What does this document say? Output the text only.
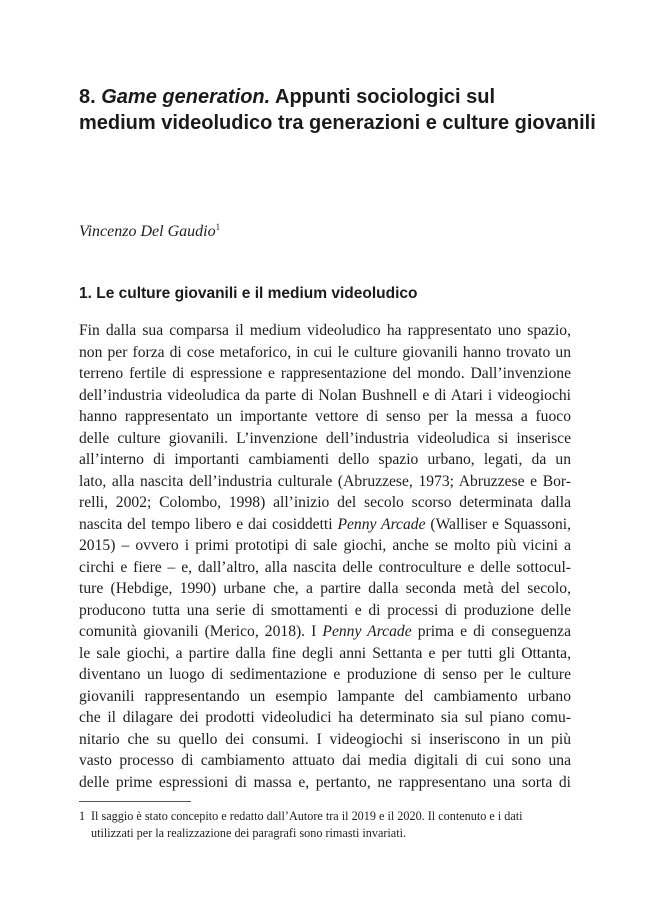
8. Game generation. Appunti sociologici sul
medium videoludico tra generazioni e culture giovanili

Vincenzo Del Gaudio$^1$

1. Le culture giovanili e il medium videoludico
Fin dalla sua comparsa il medium videoludico ha rappresentato uno spazio,
non per forza di cose metaforico, in cui le culture giovanili hanno trovato un
terreno fertile di espressione e rappresentazione del mondo. Dall’invenzione
dell’industria videoludica da parte di Nolan Bushnell e di Atari i videogiochi
hanno rappresentato un importante vettore di senso per la messa a fuoco
delle culture giovanili. L’invenzione dell’industria videoludica si inserisce
all’interno di importanti cambiamenti dello spazio urbano, legati, da un
lato, alla nascita dell’industria culturale (Abruzzese, 1973; Abruzzese e Bor-
relli, 2002; Colombo, 1998) all’inizio del secolo scorso determinata dalla
nascita del tempo libero e dai cosiddetti Penny Arcade (Walliser e Squassoni,
2015) – ovvero i primi prototipi di sale giochi, anche se molto più vicini a
circhi e fiere – e, dall’altro, alla nascita delle controculture e delle sottocul-
ture (Hebdige, 1990) urbane che, a partire dalla seconda metà del secolo,
producono tutta una serie di smottamenti e di processi di produzione delle
comunità giovanili (Merico, 2018). I Penny Arcade prima e di conseguenza
le sale giochi, a partire dalla fine degli anni Settanta e per tutti gli Ottanta,
diventano un luogo di sedimentazione e produzione di senso per le culture
giovanili rappresentando un esempio lampante del cambiamento urbano
che il dilagare dei prodotti videoludici ha determinato sia sul piano comu-
nitario che su quello dei consumi. I videogiochi si inseriscono in un più
vasto processo di cambiamento attuato dai media digitali di cui sono una
delle prime espressioni di massa e, pertanto, ne rappresentano una sorta di
1 Il saggio è stato concepito e redatto dall’Autore tra il 2019 e il 2020. Il contenuto e i dati
utilizzati per la realizzazione dei paragrafi sono rimasti invariati.
